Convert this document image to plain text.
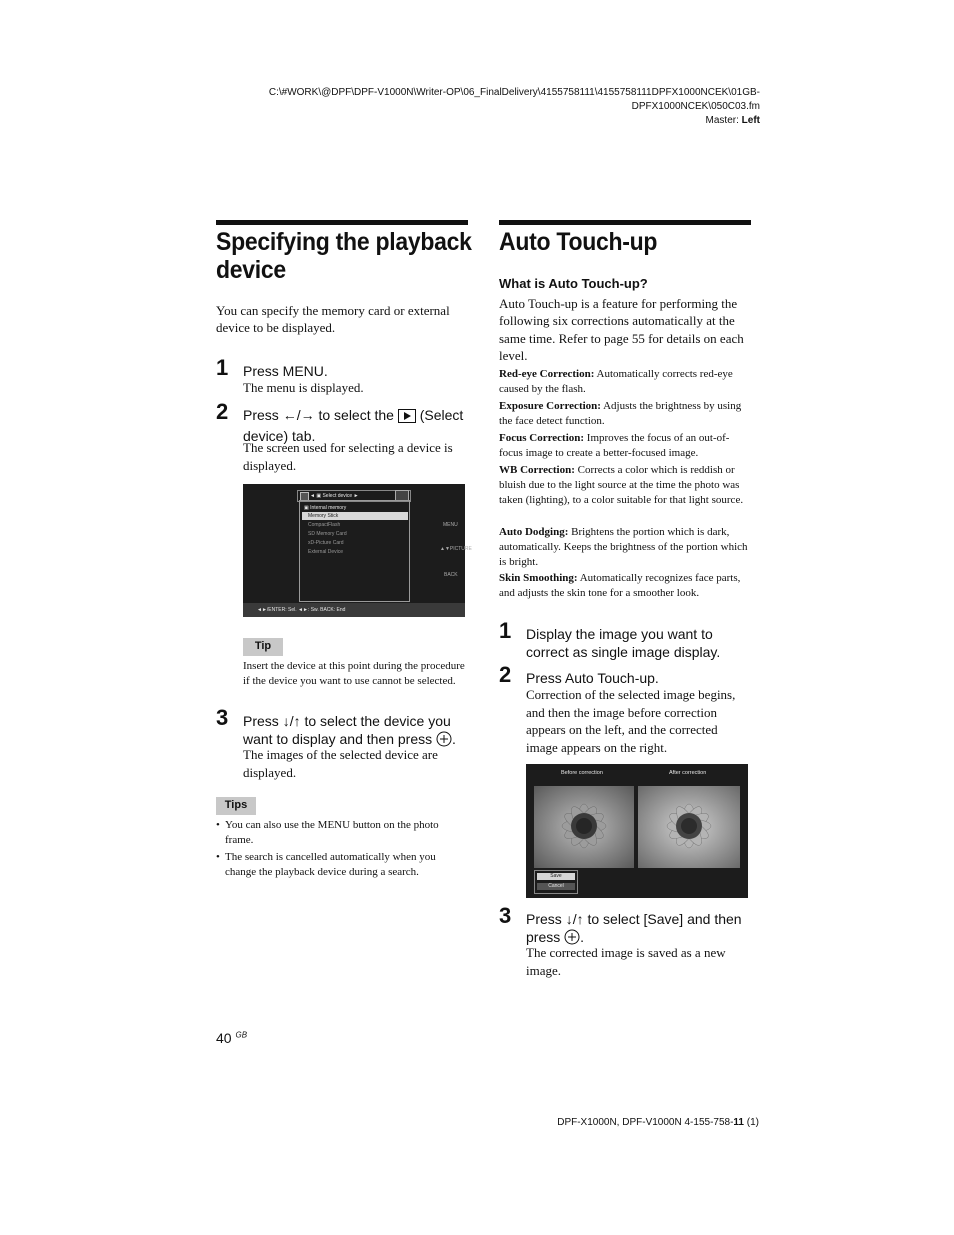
C:\#WORK\@DPF\DPF-V1000N\Writer-OP\06_FinalDelivery\4155758111\4155758111DPFX1000NCEK\01GB-
DPFX1000NCEK\050C03.fm
Master: Left
Specifying the playback
device
You can specify the memory card or external device to be displayed.
1 Press MENU.
The menu is displayed.
2 Press ←/→ to select the  (Select device) tab.
The screen used for selecting a device is displayed.
◄ ▣ Select device ►
▣ Internal memory
Memory Stick
CompactFlash
SD Memory Card
xD-Picture Card
External Device
MENU
▲▼PICTURE
BACK
◄►/ENTER: Sel. ◄►: Sw. BACK: End
Tip
Insert the device at this point during the procedure if the device you want to use cannot be selected.
3 Press ↓/↑ to select the device you want to display and then press .
The images of the selected device are displayed.
Tips
• You can also use the MENU button on the photo frame.
• The search is cancelled automatically when you change the playback device during a search.
Auto Touch-up
What is Auto Touch-up?
Auto Touch-up is a feature for performing the following six corrections automatically at the same time. Refer to page 55 for details on each level.
Red-eye Correction: Automatically corrects red-eye caused by the flash.
Exposure Correction: Adjusts the brightness by using the face detect function.
Focus Correction: Improves the focus of an out-of-focus image to create a better-focused image.
WB Correction: Corrects a color which is reddish or bluish due to the light source at the time the photo was taken (lighting), to a color suitable for that light source.
Auto Dodging: Brightens the portion which is dark, automatically. Keeps the brightness of the portion which is bright.
Skin Smoothing: Automatically recognizes face parts, and adjusts the skin tone for a smoother look.
1 Display the image you want to correct as single image display.
2 Press Auto Touch-up.
Correction of the selected image begins, and then the image before correction appears on the left, and the corrected image appears on the right.
Before correction	After correction
Save
Cancel
3 Press ↓/↑ to select [Save] and then press .
The corrected image is saved as a new image.
40 $^{GB}$
DPF-X1000N, DPF-V1000N 4-155-758-11 (1)
